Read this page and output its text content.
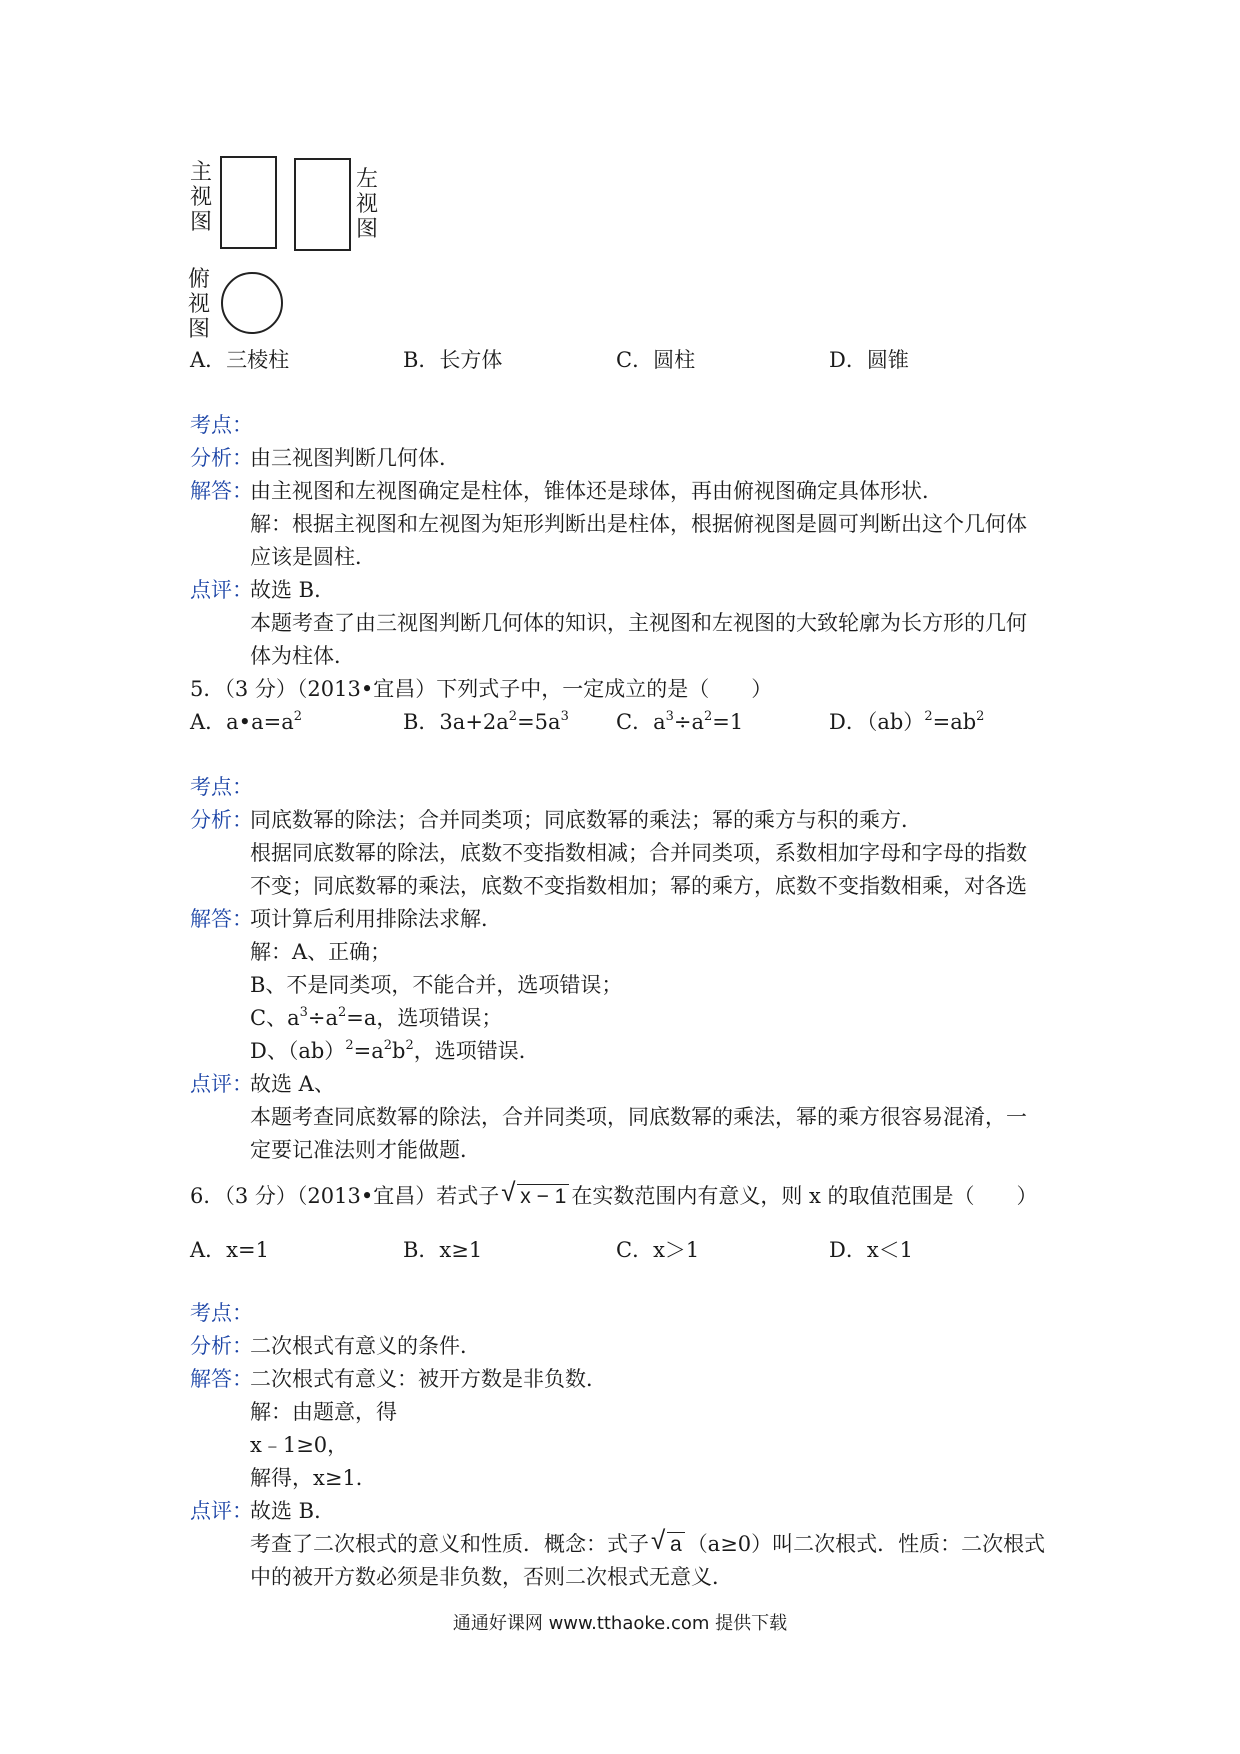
主视图
左视图
俯视图
A．三棱柱	B．长方体	C．圆柱	D．圆锥
考点：
由三视图判断几何体．
分析：
由主视图和左视图确定是柱体，锥体还是球体，再由俯视图确定具体形状．
解答：
解：根据主视图和左视图为矩形判断出是柱体，根据俯视图是圆可判断出这个几何体
应该是圆柱．
故选 B．
点评：
本题考查了由三视图判断几何体的知识，主视图和左视图的大致轮廓为长方形的几何
体为柱体．
5．（3 分）（2013•宜昌）下列式子中，一定成立的是（　　）
A．$a•a=a^2$	B．$3a+2a^2=5a^3$ C．$a^3\div a^2=1$	D．$(ab)^2=ab^2$
考点：
同底数幂的除法；合并同类项；同底数幂的乘法；幂的乘方与积的乘方．
分析：
根据同底数幂的除法，底数不变指数相减；合并同类项，系数相加字母和字母的指数
不变；同底数幂的乘法，底数不变指数相加；幂的乘方，底数不变指数相乘，对各选
项计算后利用排除法求解．
解答：
解：A、正确；
B、不是同类项，不能合并，选项错误；
C、$a^3\div a^2=a$，选项错误；
D、$(ab)^2=a^2b^2$，选项错误．
故选 A、
点评：
本题考查同底数幂的除法，合并同类项，同底数幂的乘法，幂的乘方很容易混淆，一
定要记准法则才能做题．
6．（3 分）（2013•宜昌）若式子 √ x − 1 在实数范围内有意义，则 x 的取值范围是（　　）
A．x=1	B．x≥1	C．x＞1	D．x＜1
考点：
二次根式有意义的条件．
分析：
二次根式有意义：被开方数是非负数．
解答：
解：由题意，得
x﹣1≥0，
解得，x≥1．
故选 B．
点评：
考查了二次根式的意义和性质．概念：式子 √ a （a≥0）叫二次根式．性质：二次根式
中的被开方数必须是非负数，否则二次根式无意义．
通通好课网 www.tthaoke.com 提供下载
